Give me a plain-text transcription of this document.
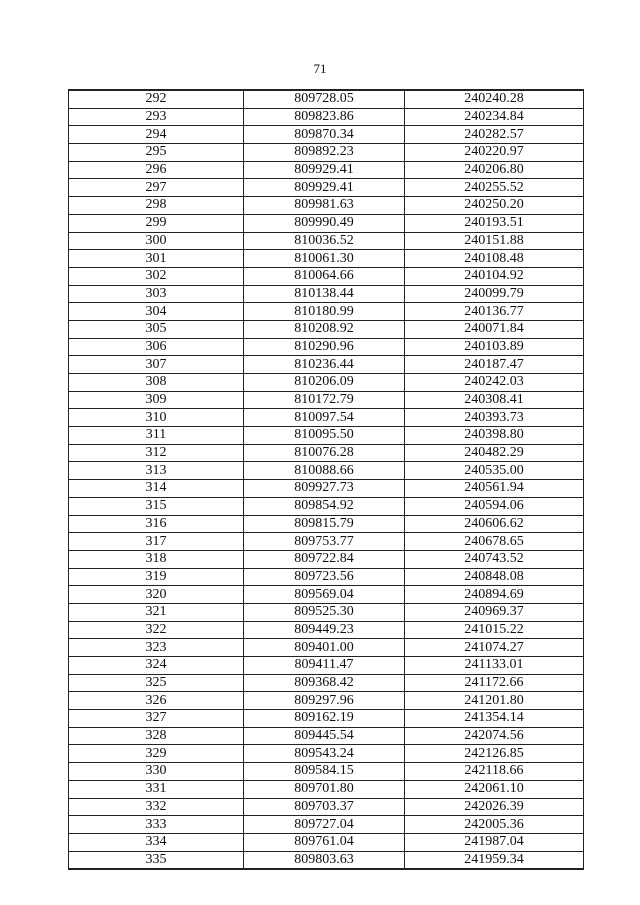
71
292	809728.05	240240.28
293	809823.86	240234.84
294	809870.34	240282.57
295	809892.23	240220.97
296	809929.41	240206.80
297	809929.41	240255.52
298	809981.63	240250.20
299	809990.49	240193.51
300	810036.52	240151.88
301	810061.30	240108.48
302	810064.66	240104.92
303	810138.44	240099.79
304	810180.99	240136.77
305	810208.92	240071.84
306	810290.96	240103.89
307	810236.44	240187.47
308	810206.09	240242.03
309	810172.79	240308.41
310	810097.54	240393.73
311	810095.50	240398.80
312	810076.28	240482.29
313	810088.66	240535.00
314	809927.73	240561.94
315	809854.92	240594.06
316	809815.79	240606.62
317	809753.77	240678.65
318	809722.84	240743.52
319	809723.56	240848.08
320	809569.04	240894.69
321	809525.30	240969.37
322	809449.23	241015.22
323	809401.00	241074.27
324	809411.47	241133.01
325	809368.42	241172.66
326	809297.96	241201.80
327	809162.19	241354.14
328	809445.54	242074.56
329	809543.24	242126.85
330	809584.15	242118.66
331	809701.80	242061.10
332	809703.37	242026.39
333	809727.04	242005.36
334	809761.04	241987.04
335	809803.63	241959.34
